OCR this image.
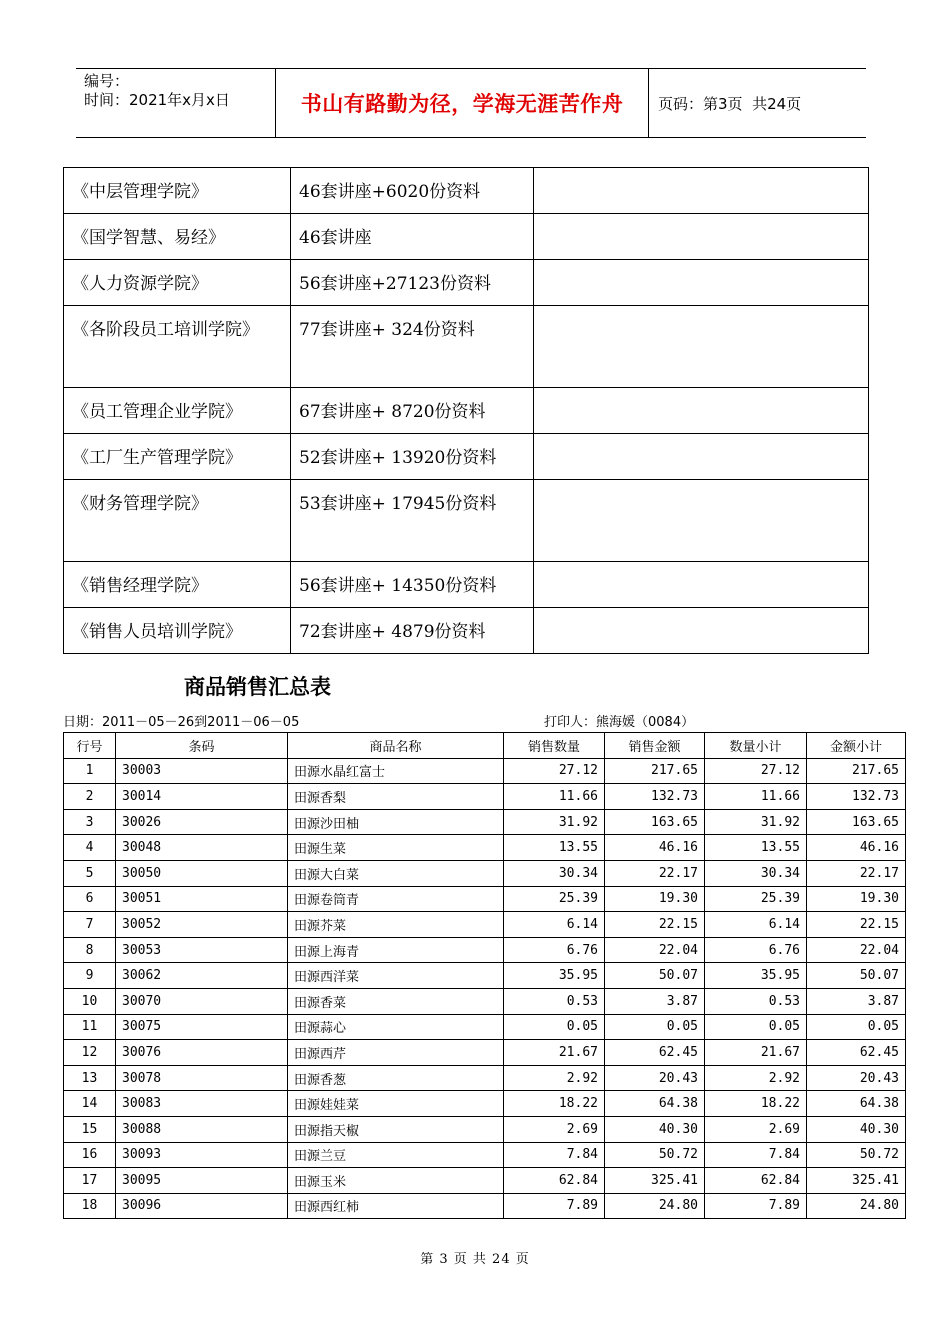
编号：
时间：2021年x月x日	书山有路勤为径，学海无涯苦作舟	页码：第3页  共24页
《中层管理学院》	46套讲座+6020份资料	
《国学智慧、易经》	46套讲座	
《人力资源学院》	56套讲座+27123份资料	
《各阶段员工培训学院》	77套讲座+ 324份资料	
《员工管理企业学院》	67套讲座+ 8720份资料	
《工厂生产管理学院》	52套讲座+ 13920份资料	
《财务管理学院》	53套讲座+ 17945份资料	
《销售经理学院》	56套讲座+ 14350份资料	
《销售人员培训学院》	72套讲座+ 4879份资料	
商品销售汇总表
日期：2011－05－26到2011－06－05	打印人：熊海媛（0084）
行号	条码	商品名称	销售数量	销售金额	数量小计	金额小计
1	30003	田源水晶红富士	27.12	217.65	27.12	217.65
2	30014	田源香梨	11.66	132.73	11.66	132.73
3	30026	田源沙田柚	31.92	163.65	31.92	163.65
4	30048	田源生菜	13.55	46.16	13.55	46.16
5	30050	田源大白菜	30.34	22.17	30.34	22.17
6	30051	田源卷筒青	25.39	19.30	25.39	19.30
7	30052	田源芥菜	6.14	22.15	6.14	22.15
8	30053	田源上海青	6.76	22.04	6.76	22.04
9	30062	田源西洋菜	35.95	50.07	35.95	50.07
10	30070	田源香菜	0.53	3.87	0.53	3.87
11	30075	田源蒜心	0.05	0.05	0.05	0.05
12	30076	田源西芹	21.67	62.45	21.67	62.45
13	30078	田源香葱	2.92	20.43	2.92	20.43
14	30083	田源娃娃菜	18.22	64.38	18.22	64.38
15	30088	田源指天椒	2.69	40.30	2.69	40.30
16	30093	田源兰豆	7.84	50.72	7.84	50.72
17	30095	田源玉米	62.84	325.41	62.84	325.41
18	30096	田源西红柿	7.89	24.80	7.89	24.80
第 3 页 共 24 页
